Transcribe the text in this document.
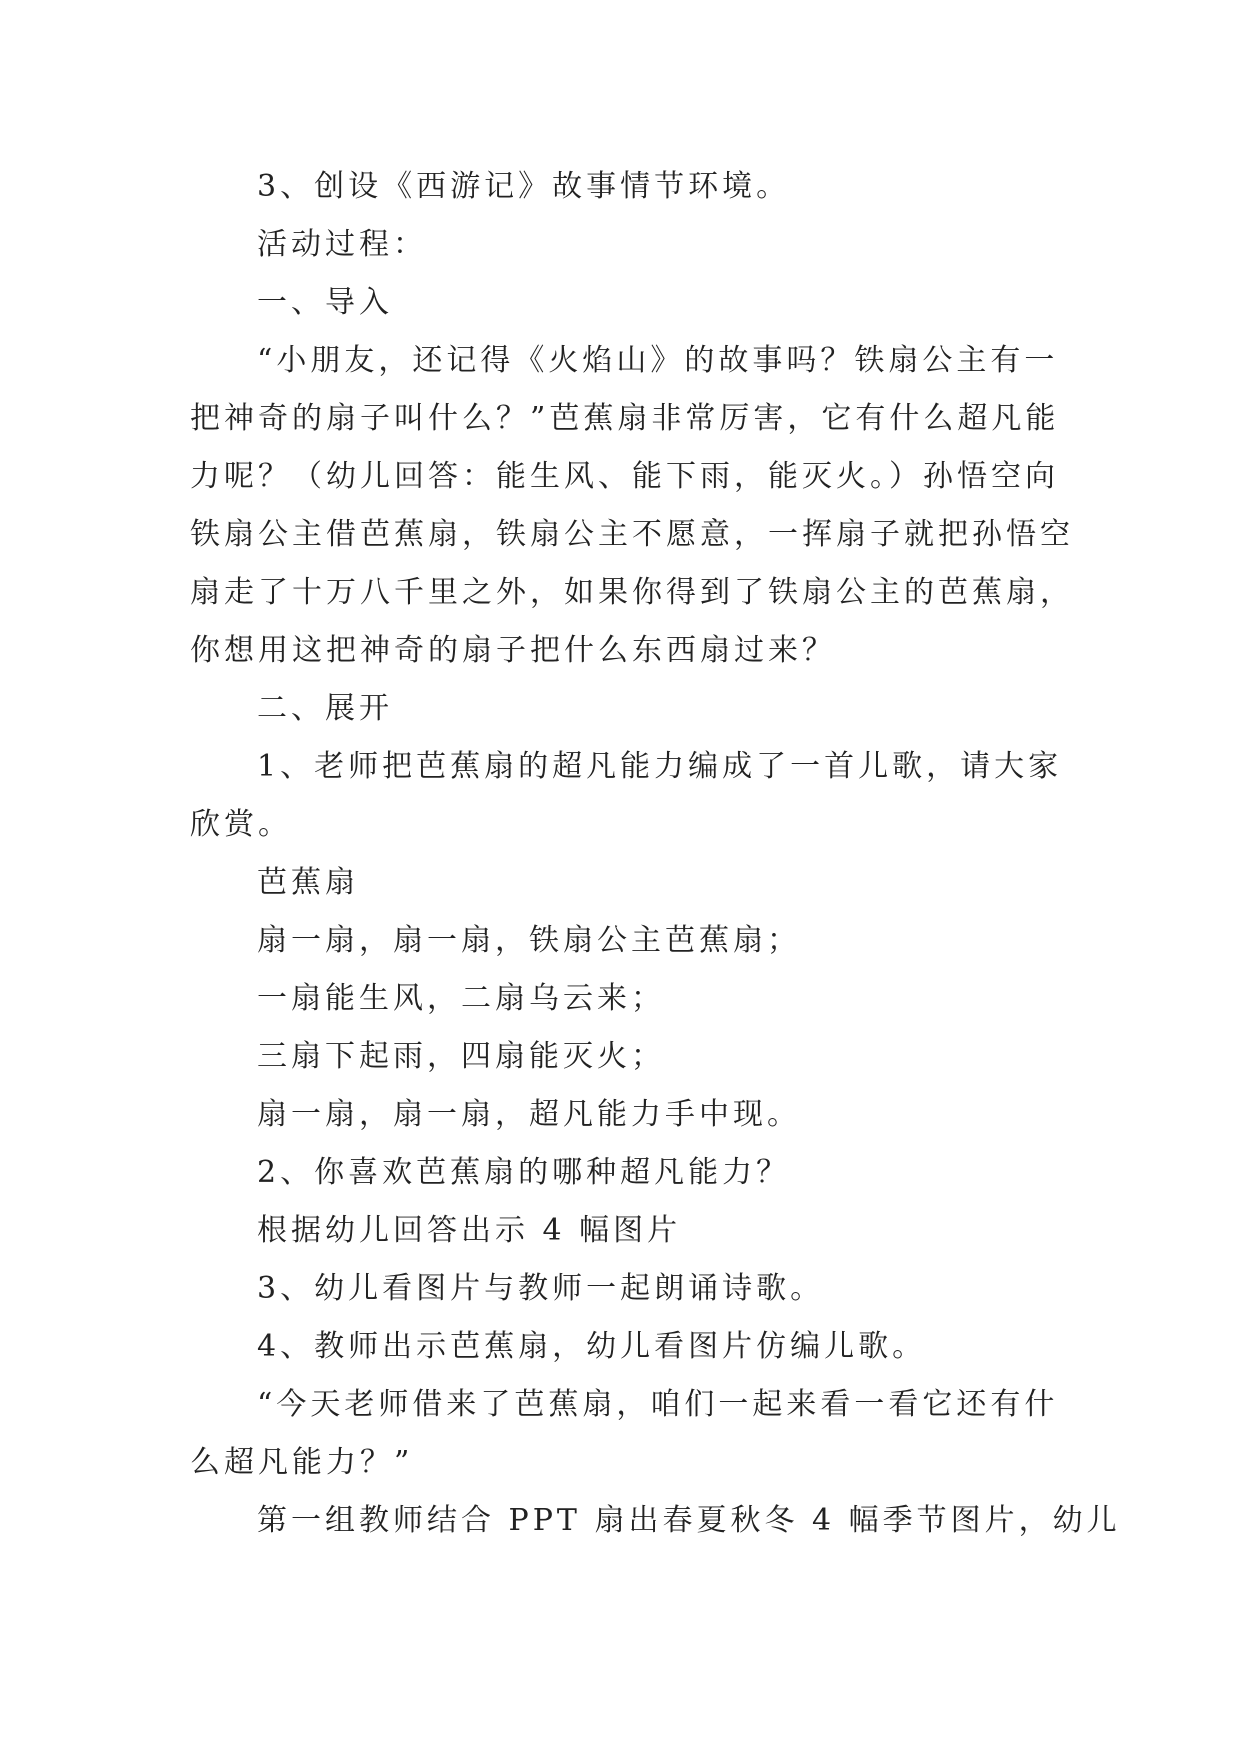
3、创设《西游记》故事情节环境。
活动过程：
一、导入
“小朋友，还记得《火焰山》的故事吗？铁扇公主有一
把神奇的扇子叫什么？”芭蕉扇非常厉害，它有什么超凡能
力呢？（幼儿回答：能生风、能下雨，能灭火。）孙悟空向
铁扇公主借芭蕉扇，铁扇公主不愿意，一挥扇子就把孙悟空
扇走了十万八千里之外，如果你得到了铁扇公主的芭蕉扇，
你想用这把神奇的扇子把什么东西扇过来？
二、展开
1、老师把芭蕉扇的超凡能力编成了一首儿歌，请大家
欣赏。
芭蕉扇
扇一扇，扇一扇，铁扇公主芭蕉扇；
一扇能生风，二扇乌云来；
三扇下起雨，四扇能灭火；
扇一扇，扇一扇，超凡能力手中现。
2、你喜欢芭蕉扇的哪种超凡能力？
根据幼儿回答出示 4 幅图片
3、幼儿看图片与教师一起朗诵诗歌。
4、教师出示芭蕉扇，幼儿看图片仿编儿歌。
“今天老师借来了芭蕉扇，咱们一起来看一看它还有什
么超凡能力？”
第一组教师结合 PPT 扇出春夏秋冬 4 幅季节图片，幼儿
